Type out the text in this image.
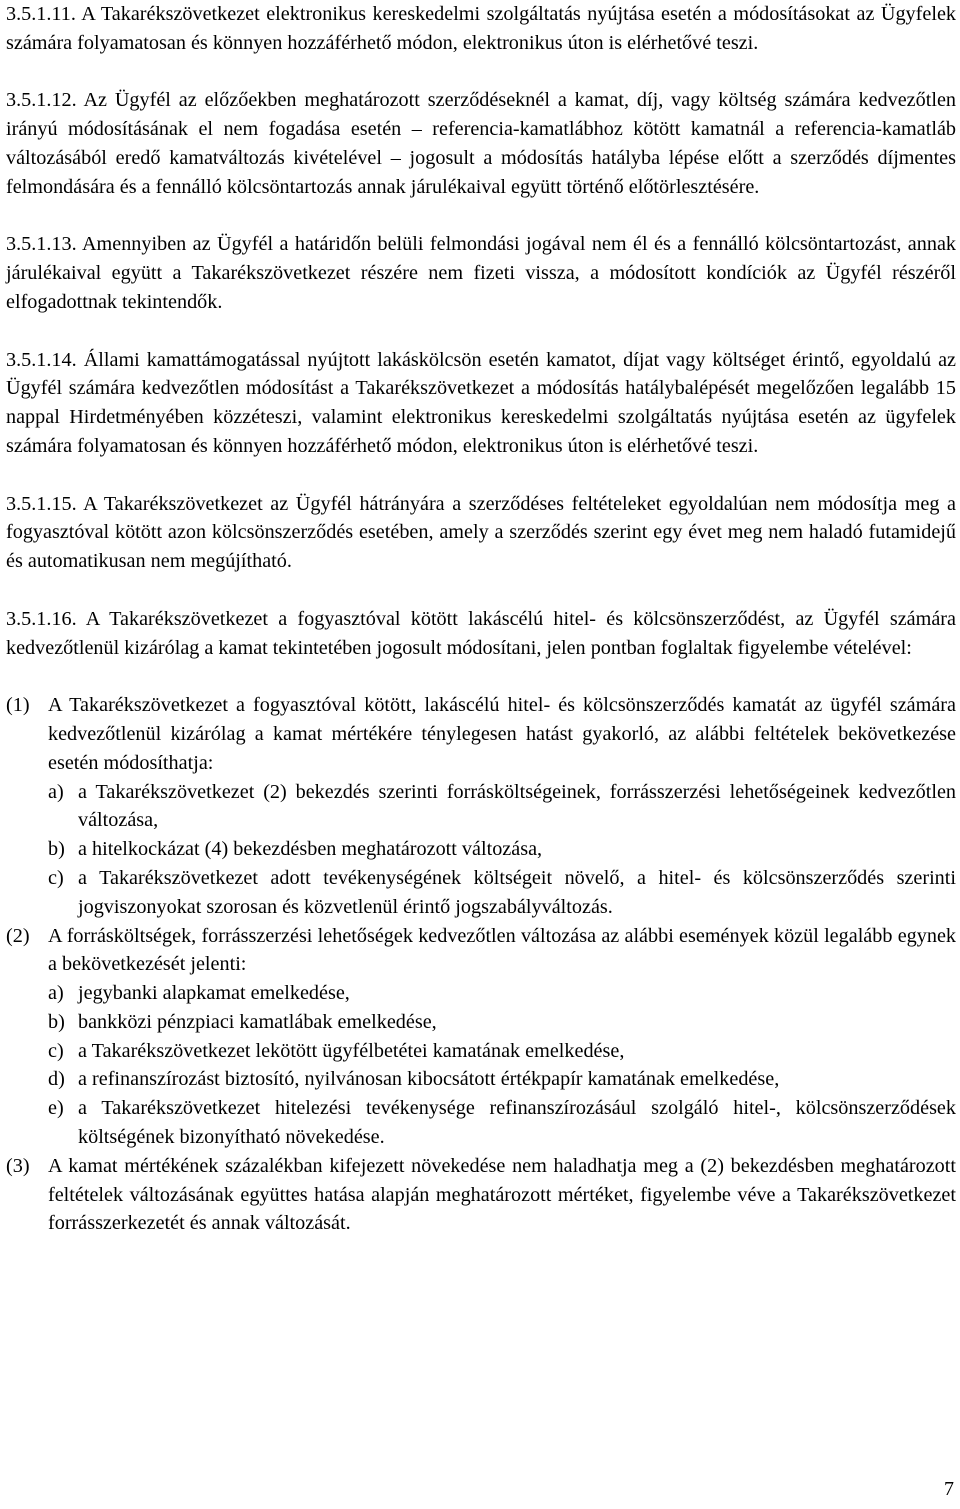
3.5.1.11. A Takarékszövetkezet elektronikus kereskedelmi szolgáltatás nyújtása esetén a módosításokat az Ügyfelek számára folyamatosan és könnyen hozzáférhető módon, elektronikus úton is elérhetővé teszi.

3.5.1.12. Az Ügyfél az előzőekben meghatározott szerződéseknél a kamat, díj, vagy költség számára kedvezőtlen irányú módosításának el nem fogadása esetén – referencia-kamatlábhoz kötött kamatnál a referencia-kamatláb változásából eredő kamatváltozás kivételével – jogosult a módosítás hatályba lépése előtt a szerződés díjmentes felmondására és a fennálló kölcsöntartozás annak járulékaival együtt történő előtörlesztésére.

3.5.1.13. Amennyiben az Ügyfél a határidőn belüli felmondási jogával nem él és a fennálló kölcsöntartozást, annak járulékaival együtt a Takarékszövetkezet részére nem fizeti vissza, a módosított kondíciók az Ügyfél részéről elfogadottnak tekintendők.

3.5.1.14. Állami kamattámogatással nyújtott lakáskölcsön esetén kamatot, díjat vagy költséget érintő, egyoldalú az Ügyfél számára kedvezőtlen módosítást a Takarékszövetkezet a módosítás hatálybalépését megelőzően legalább 15 nappal Hirdetményében közzéteszi, valamint elektronikus kereskedelmi szolgáltatás nyújtása esetén az ügyfelek számára folyamatosan és könnyen hozzáférhető módon, elektronikus úton is elérhetővé teszi.

3.5.1.15. A Takarékszövetkezet az Ügyfél hátrányára a szerződéses feltételeket egyoldalúan nem módosítja meg a fogyasztóval kötött azon kölcsönszerződés esetében, amely a szerződés szerint egy évet meg nem haladó futamidejű és automatikusan nem megújítható.

3.5.1.16. A Takarékszövetkezet a fogyasztóval kötött lakáscélú hitel- és kölcsönszerződést, az Ügyfél számára kedvezőtlenül kizárólag a kamat tekintetében jogosult módosítani, jelen pontban foglaltak figyelembe vételével:

(1) A Takarékszövetkezet a fogyasztóval kötött, lakáscélú hitel- és kölcsönszerződés kamatát az ügyfél számára kedvezőtlenül kizárólag a kamat mértékére ténylegesen hatást gyakorló, az alábbi feltételek bekövetkezése esetén módosíthatja:
a) a Takarékszövetkezet (2) bekezdés szerinti forrásköltségeinek, forrásszerzési lehetőségeinek kedvezőtlen változása,
b) a hitelkockázat (4) bekezdésben meghatározott változása,
c) a Takarékszövetkezet adott tevékenységének költségeit növelő, a hitel- és kölcsönszerződés szerinti jogviszonyokat szorosan és közvetlenül érintő jogszabályváltozás.
(2) A forrásköltségek, forrásszerzési lehetőségek kedvezőtlen változása az alábbi események közül legalább egynek a bekövetkezését jelenti:
a) jegybanki alapkamat emelkedése,
b) bankközi pénzpiaci kamatlábak emelkedése,
c) a Takarékszövetkezet lekötött ügyfélbetétei kamatának emelkedése,
d) a refinanszírozást biztosító, nyilvánosan kibocsátott értékpapír kamatának emelkedése,
e) a Takarékszövetkezet hitelezési tevékenysége refinanszírozásául szolgáló hitel-, kölcsönszerződések költségének bizonyítható növekedése.
(3) A kamat mértékének százalékban kifejezett növekedése nem haladhatja meg a (2) bekezdésben meghatározott feltételek változásának együttes hatása alapján meghatározott mértéket, figyelembe véve a Takarékszövetkezet forrásszerkezetét és annak változását.
7
